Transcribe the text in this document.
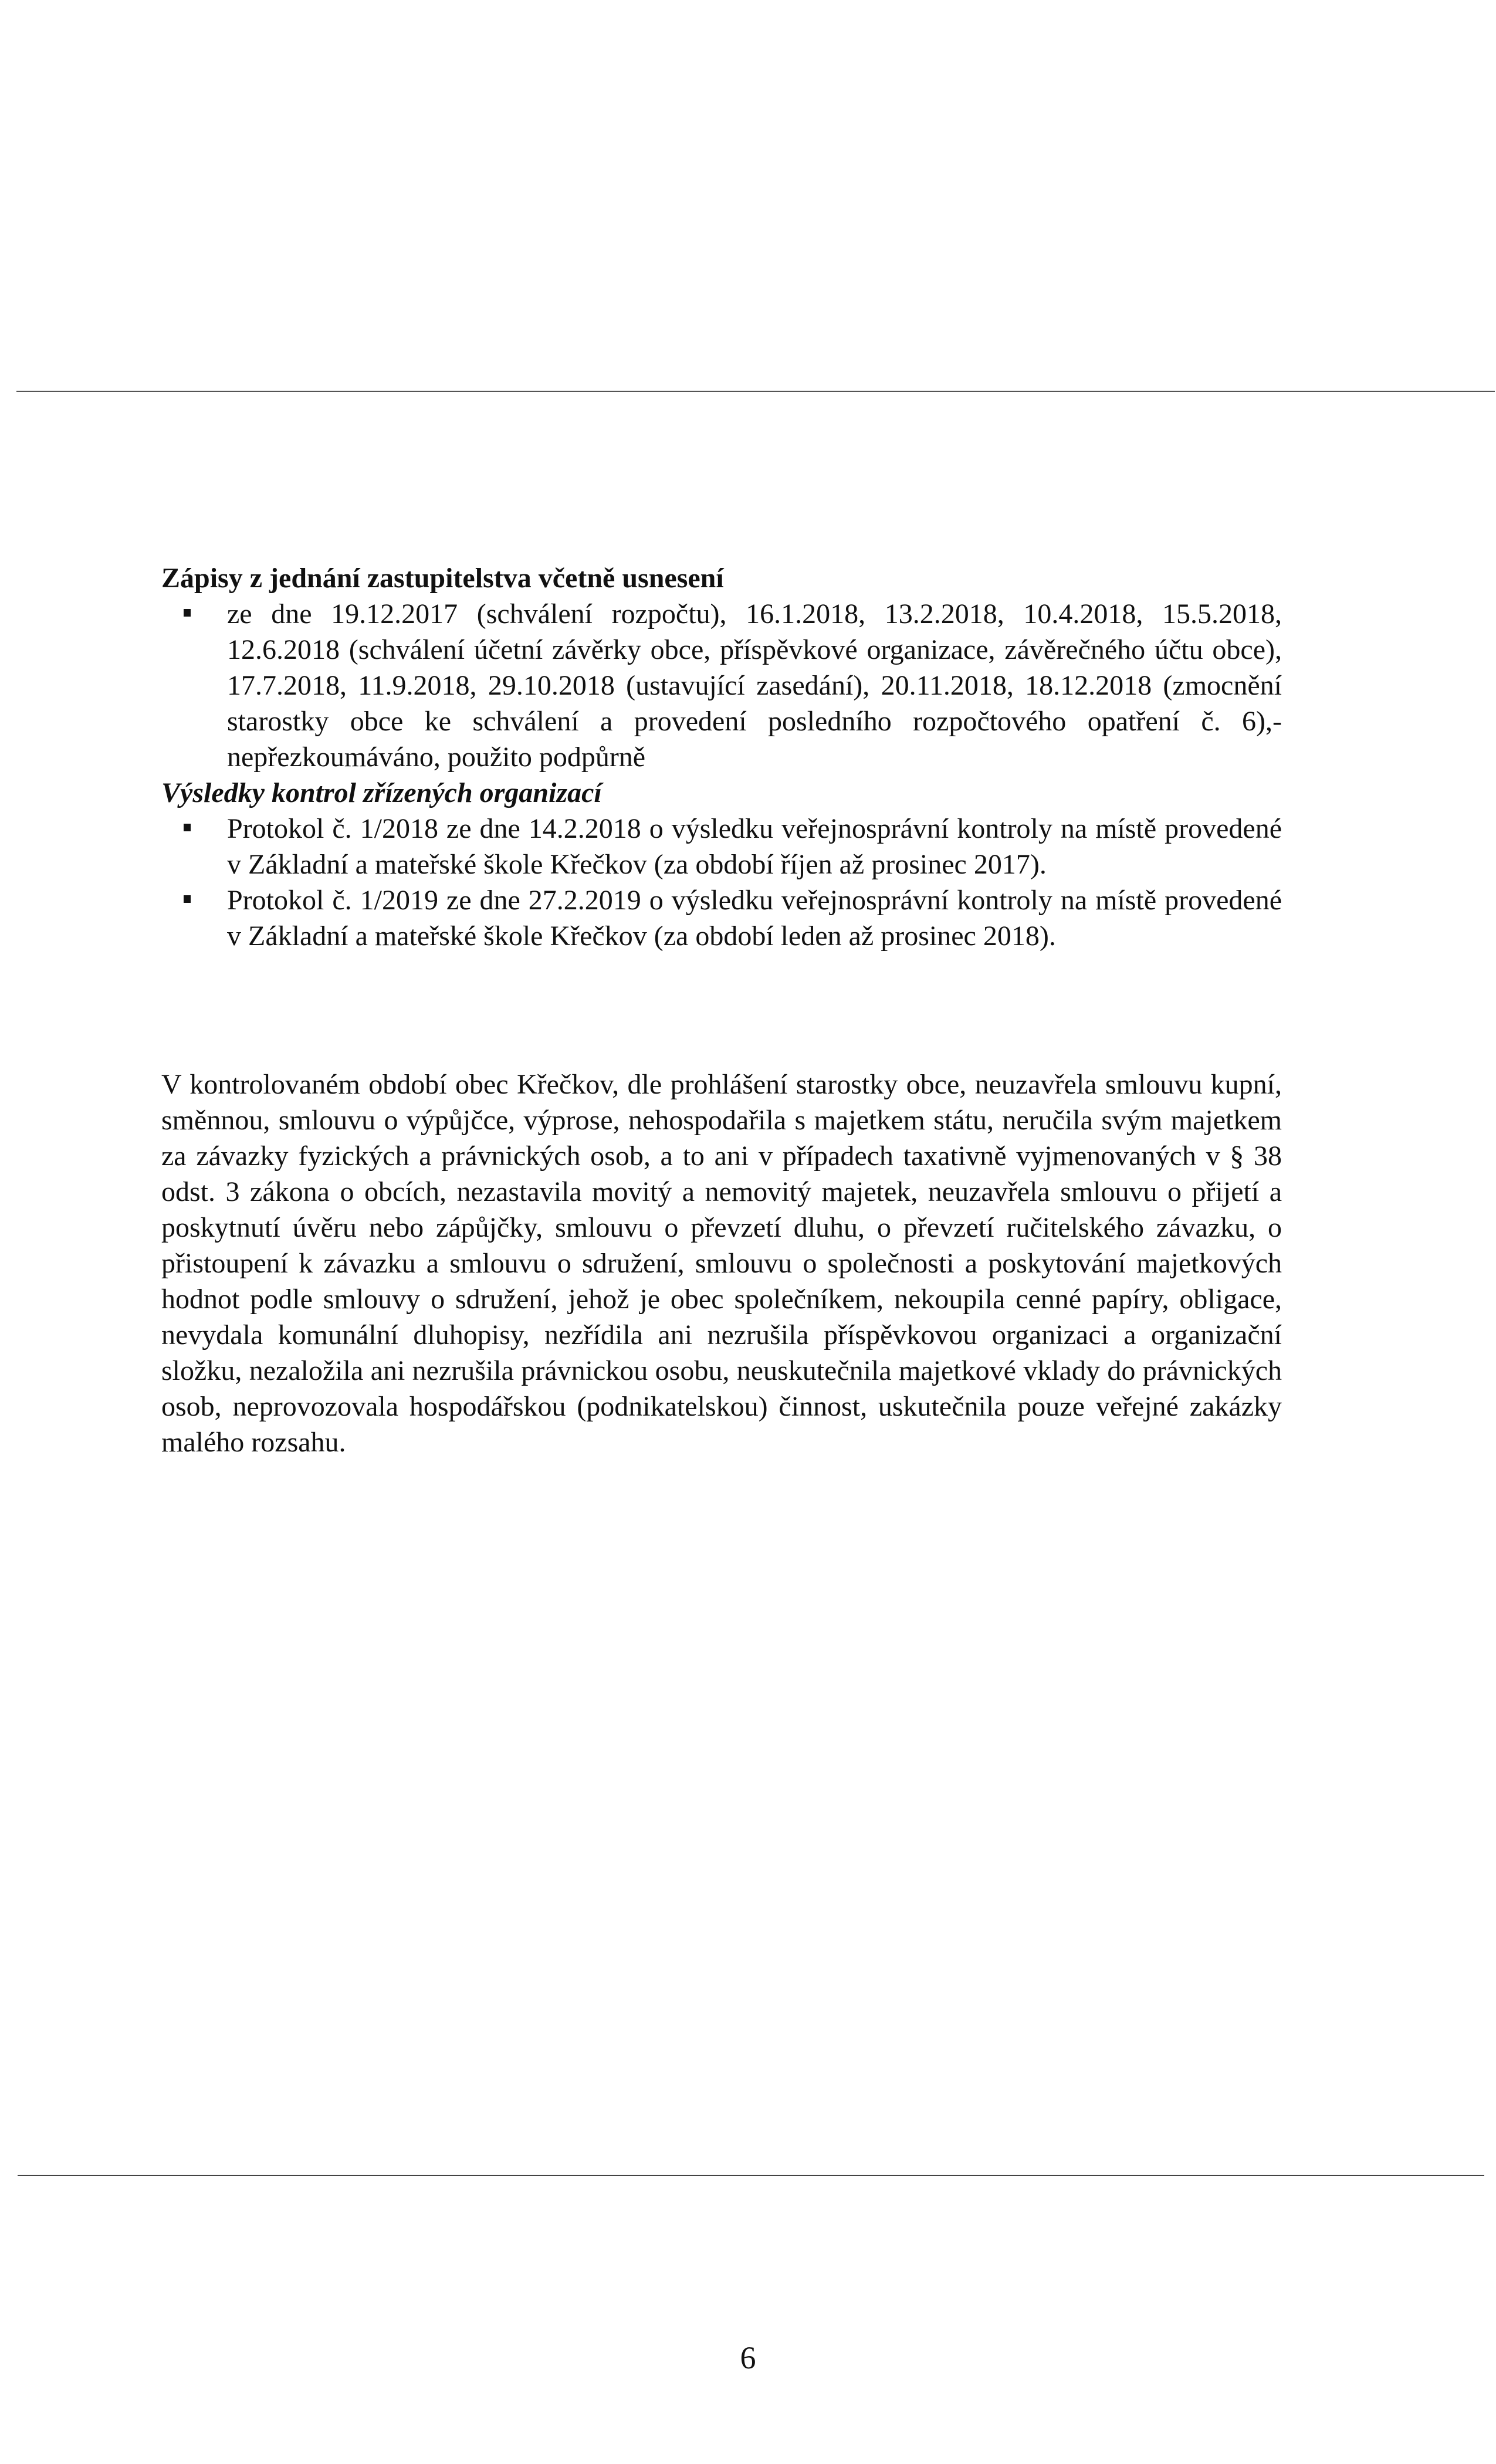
Zápisy z jednání zastupitelstva včetně usnesení

ze dne 19.12.2017 (schválení rozpočtu), 16.1.2018, 13.2.2018, 10.4.2018, 15.5.2018, 12.6.2018 (schválení účetní závěrky obce, příspěvkové organizace, závěrečného účtu obce), 17.7.2018, 11.9.2018, 29.10.2018 (ustavující zasedání), 20.11.2018, 18.12.2018 (zmocnění starostky obce ke schválení a provedení posledního rozpočtového opatření č. 6),- nepřezkoumáváno, použito podpůrně

Výsledky kontrol zřízených organizací

Protokol č. 1/2018 ze dne 14.2.2018 o výsledku veřejnosprávní kontroly na místě provedené v Základní a mateřské škole Křečkov (za období říjen až prosinec 2017).
Protokol č. 1/2019 ze dne 27.2.2019 o výsledku veřejnosprávní kontroly na místě provedené v Základní a mateřské škole Křečkov (za období leden až prosinec 2018).

V kontrolovaném období obec Křečkov, dle prohlášení starostky obce, neuzavřela smlouvu kupní, směnnou, smlouvu o výpůjčce, výprose, nehospodařila s majetkem státu, neručila svým majetkem za závazky fyzických a právnických osob, a to ani v případech taxativně vyjmenovaných v § 38 odst. 3 zákona o obcích, nezastavila movitý a nemovitý majetek, neuzavřela smlouvu o přijetí a poskytnutí úvěru nebo zápůjčky, smlouvu o převzetí dluhu, o převzetí ručitelského závazku, o přistoupení k závazku a smlouvu o sdružení, smlouvu o společnosti a poskytování majetkových hodnot podle smlouvy o sdružení, jehož je obec společníkem, nekoupila cenné papíry, obligace, nevydala komunální dluhopisy, nezřídila ani nezrušila příspěvkovou organizaci a organizační složku, nezaložila ani nezrušila právnickou osobu, neuskutečnila majetkové vklady do právnických osob, neprovozovala hospodářskou (podnikatelskou) činnost, uskutečnila pouze veřejné zakázky malého rozsahu.

6
